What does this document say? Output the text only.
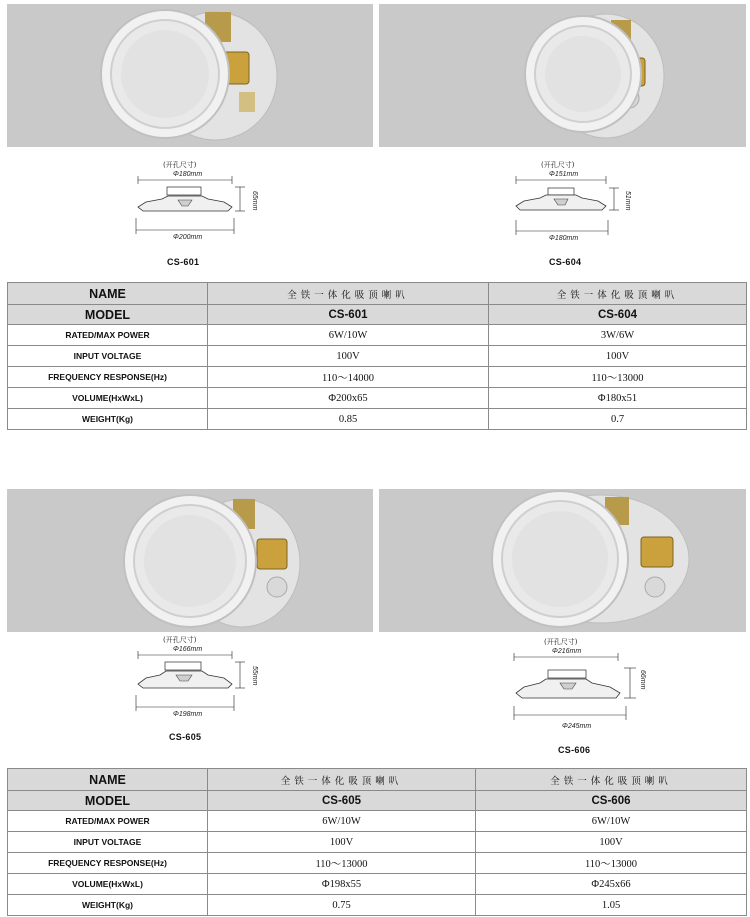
(开孔尺寸)
Φ180mm
65mm
Φ200mm
CS-601
(开孔尺寸)
Φ151mm
51mm
Φ180mm
CS-604
(开孔尺寸)
Φ166mm
55mm
Φ198mm
CS-605
(开孔尺寸)
Φ216mm
66mm
Φ245mm
CS-606
NAME	全铁一体化吸顶喇叭	全铁一体化吸顶喇叭
MODEL	CS-601	CS-604
RATED/MAX POWER	6W/10W	3W/6W
INPUT VOLTAGE	100V	100V
FREQUENCY RESPONSE(Hz)	110～14000	110～13000
VOLUME(HxWxL)	Φ200x65	Φ180x51
WEIGHT(Kg)	0.85	0.7
NAME	全铁一体化吸顶喇叭	全铁一体化吸顶喇叭
MODEL	CS-605	CS-606
RATED/MAX POWER	6W/10W	6W/10W
INPUT VOLTAGE	100V	100V
FREQUENCY RESPONSE(Hz)	110～13000	110～13000
VOLUME(HxWxL)	Φ198x55	Φ245x66
WEIGHT(Kg)	0.75	1.05
